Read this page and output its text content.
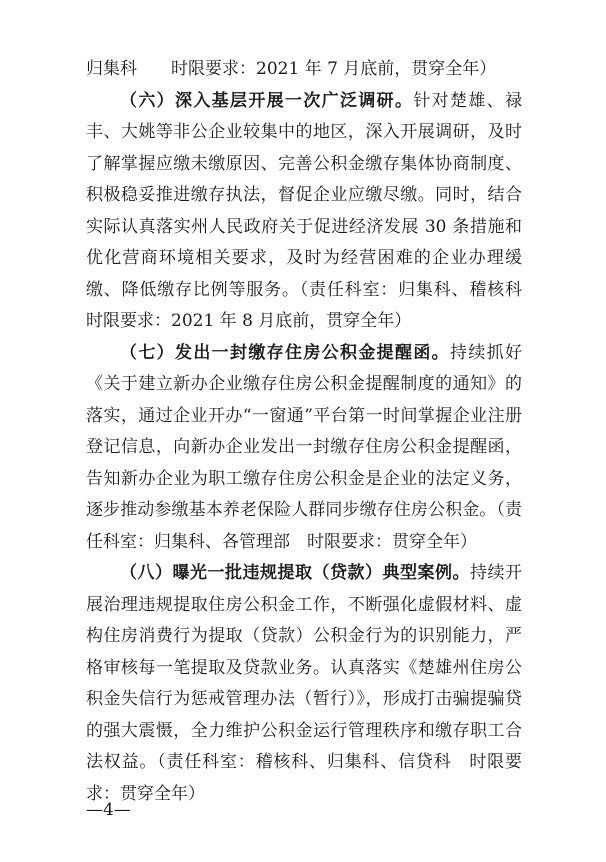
归集科　　时限要求：2021 年 7 月底前，贯穿全年）

（六）深入基层开展一次广泛调研。针对楚雄、禄丰、大姚等非公企业较集中的地区，深入开展调研，及时了解掌握应缴未缴原因、完善公积金缴存集体协商制度、积极稳妥推进缴存执法，督促企业应缴尽缴。同时，结合实际认真落实州人民政府关于促进经济发展 30 条措施和优化营商环境相关要求，及时为经营困难的企业办理缓缴、降低缴存比例等服务。（责任科室：归集科、稽核科　时限要求：2021 年 8 月底前，贯穿全年）

（七）发出一封缴存住房公积金提醒函。持续抓好《关于建立新办企业缴存住房公积金提醒制度的通知》的落实，通过企业开办“一窗通”平台第一时间掌握企业注册登记信息，向新办企业发出一封缴存住房公积金提醒函，告知新办企业为职工缴存住房公积金是企业的法定义务，逐步推动参缴基本养老保险人群同步缴存住房公积金。（责任科室：归集科、各管理部　时限要求：贯穿全年）

（八）曝光一批违规提取（贷款）典型案例。持续开展治理违规提取住房公积金工作，不断强化虚假材料、虚构住房消费行为提取（贷款）公积金行为的识别能力，严格审核每一笔提取及贷款业务。认真落实《楚雄州住房公积金失信行为惩戒管理办法（暂行）》，形成打击骗提骗贷的强大震慑，全力维护公积金运行管理秩序和缴存职工合法权益。（责任科室：稽核科、归集科、信贷科　时限要求：贯穿全年）

—4—
